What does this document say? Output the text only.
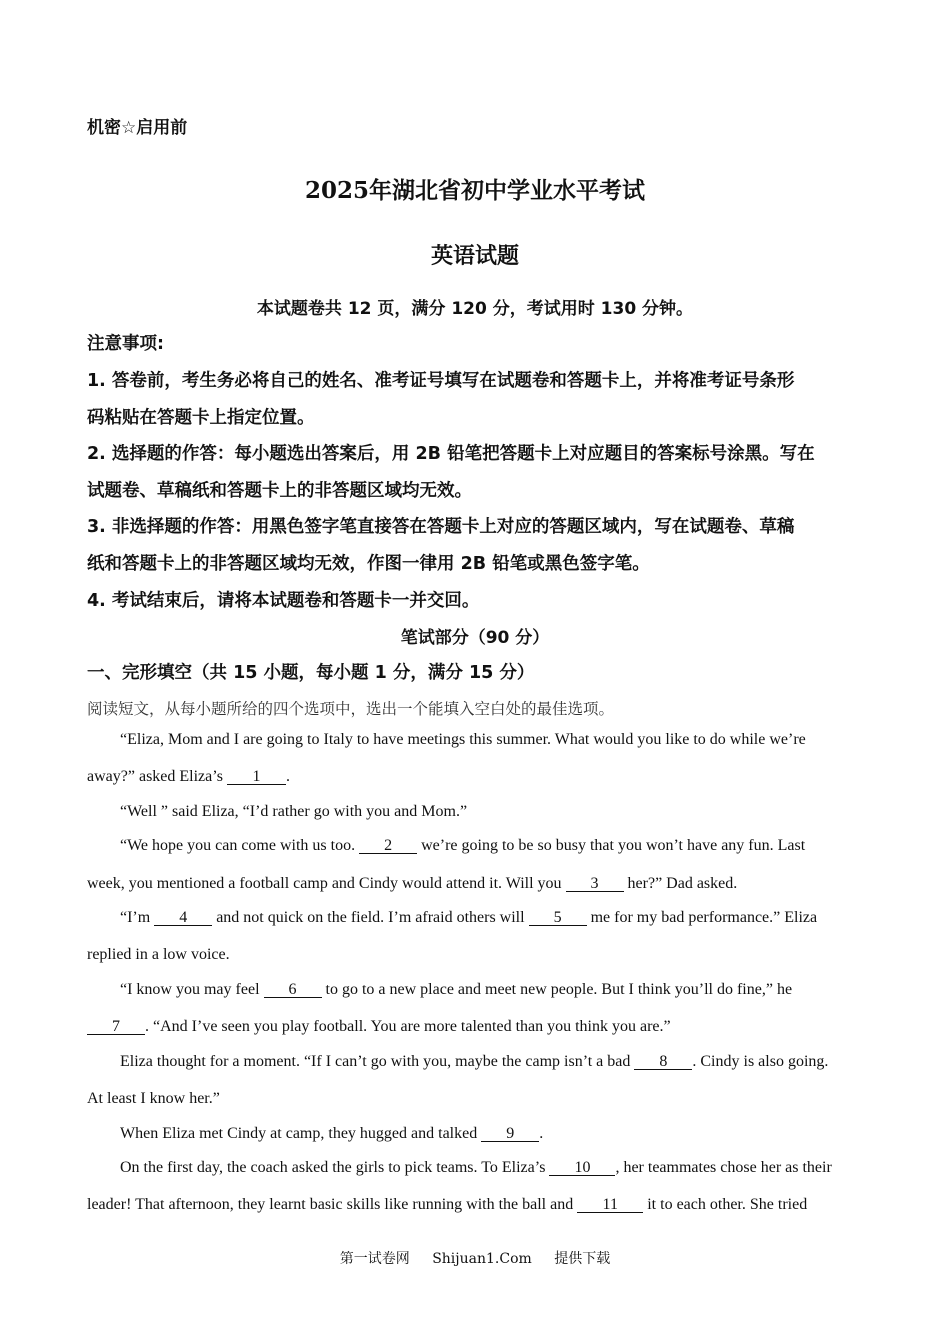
机密☆启用前
2025年湖北省初中学业水平考试
英语试题
本试题卷共 12 页，满分 120 分，考试用时 130 分钟。
注意事项:
1. 答卷前，考生务必将自己的姓名、准考证号填写在试题卷和答题卡上，并将准考证号条形
码粘贴在答题卡上指定位置。
2. 选择题的作答：每小题选出答案后，用 2B 铅笔把答题卡上对应题目的答案标号涂黑。写在
试题卷、草稿纸和答题卡上的非答题区域均无效。
3. 非选择题的作答：用黑色签字笔直接答在答题卡上对应的答题区域内，写在试题卷、草稿
纸和答题卡上的非答题区域均无效，作图一律用 2B 铅笔或黑色签字笔。
4. 考试结束后，请将本试题卷和答题卡一并交回。
笔试部分（90 分）
一、完形填空（共 15 小题，每小题 1 分，满分 15 分）
阅读短文，从每小题所给的四个选项中，选出一个能填入空白处的最佳选项。
“Eliza, Mom and I are going to Italy to have meetings this summer. What would you like to do while we’re
away?” asked Eliza’s 1 .
“Well ” said Eliza, “I’d rather go with you and Mom.”
“We hope you can come with us too. 2 we’re going to be so busy that you won’t have any fun. Last
week, you mentioned a football camp and Cindy would attend it. Will you 3 her?” Dad asked.
“I’m 4 and not quick on the field. I’m afraid others will 5 me for my bad performance.” Eliza
replied in a low voice.
“I know you may feel 6 to go to a new place and meet new people. But I think you’ll do fine,” he
7 . “And I’ve seen you play football. You are more talented than you think you are.”
Eliza thought for a moment. “If I can’t go with you, maybe the camp isn’t a bad 8 . Cindy is also going.
At least I know her.”
When Eliza met Cindy at camp, they hugged and talked 9 .
On the first day, the coach asked the girls to pick teams. To Eliza’s 10 , her teammates chose her as their
leader! That afternoon, they learnt basic skills like running with the ball and 11 it to each other. She tried
第一试卷网 Shijuan1.Com 提供下载
